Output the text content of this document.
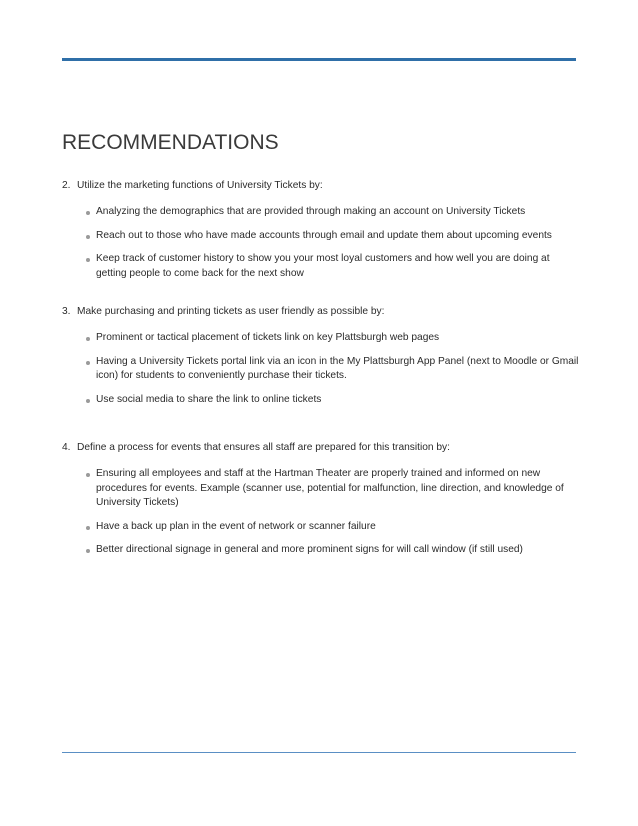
RECOMMENDATIONS

2. Utilize the marketing functions of University Tickets by:

Analyzing the demographics that are provided through making an account on University Tickets
Reach out to those who have made accounts through email and update them about upcoming events
Keep track of customer history to show you your most loyal customers and how well you are doing at getting people to come back for the next show

3. Make purchasing and printing tickets as user friendly as possible by:

Prominent or tactical placement of tickets link on key Plattsburgh web pages
Having a University Tickets portal link via an icon in the My Plattsburgh App Panel (next to Moodle or Gmail icon) for students to conveniently purchase their tickets.
Use social media to share the link to online tickets

4. Define a process for events that ensures all staff are prepared for this transition by:

Ensuring all employees and staff at the Hartman Theater are properly trained and informed on new procedures for events. Example (scanner use, potential for malfunction, line direction, and knowledge of University Tickets)
Have a back up plan in the event of network or scanner failure
Better directional signage in general and more prominent signs for will call window (if still used)
